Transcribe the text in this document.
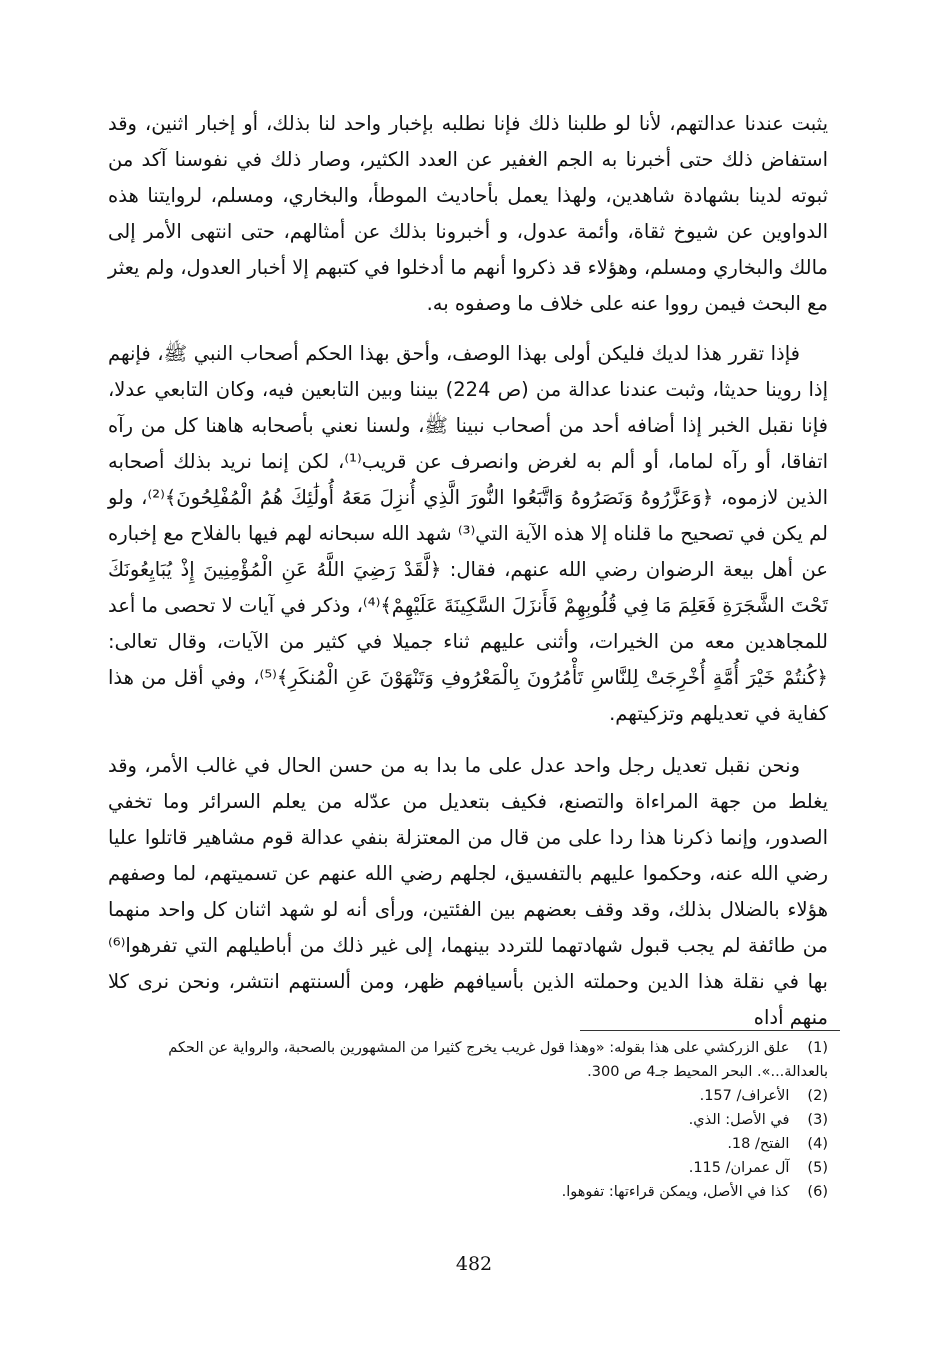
يثبت عندنا عدالتهم، لأنا لو طلبنا ذلك فإنا نطلبه بإخبار واحد لنا بذلك، أو إخبار اثنين، وقد استفاض ذلك حتى أخبرنا به الجم الغفير عن العدد الكثير، وصار ذلك في نفوسنا آكد من ثبوته لدينا بشهادة شاهدين، ولهذا يعمل بأحاديث الموطأ، والبخاري، ومسلم، لروايتنا هذه الدواوين عن شيوخ ثقاة، وأئمة عدول، و أخبرونا بذلك عن أمثالهم، حتى انتهى الأمر إلى مالك والبخاري ومسلم، وهؤلاء قد ذكروا أنهم ما أدخلوا في كتبهم إلا أخبار العدول، ولم يعثر مع البحث فيمن رووا عنه على خلاف ما وصفوه به.

فإذا تقرر هذا لديك فليكن أولى بهذا الوصف، وأحق بهذا الحكم أصحاب النبي ﷺ، فإنهم إذا روينا حديثا، وثبت عندنا عدالة من (ص 224) بيننا وبين التابعين فيه، وكان التابعي عدلا، فإنا نقبل الخبر إذا أضافه أحد من أصحاب نبينا ﷺ، ولسنا نعني بأصحابه هاهنا كل من رآه اتفاقا، أو رآه لماما، أو ألم به لغرض وانصرف عن قريب⁽¹⁾، لكن إنما نريد بذلك أصحابه الذين لازموه، ﴿وَعَزَّرُوهُ وَنَصَرُوهُ وَاتَّبَعُوا النُّورَ الَّذِي أُنزِلَ مَعَهُ أُولَٰئِكَ هُمُ الْمُفْلِحُونَ﴾⁽²⁾، ولو لم يكن في تصحيح ما قلناه إلا هذه الآية التي⁽³⁾ شهد الله سبحانه لهم فيها بالفلاح مع إخباره عن أهل بيعة الرضوان رضي الله عنهم، فقال: ﴿لَّقَدْ رَضِيَ اللَّهُ عَنِ الْمُؤْمِنِينَ إِذْ يُبَايِعُونَكَ تَحْتَ الشَّجَرَةِ فَعَلِمَ مَا فِي قُلُوبِهِمْ فَأَنزَلَ السَّكِينَةَ عَلَيْهِمْ﴾⁽⁴⁾، وذكر في آيات لا تحصى ما أعد للمجاهدين معه من الخيرات، وأثنى عليهم ثناء جميلا في كثير من الآيات، وقال تعالى: ﴿كُنتُمْ خَيْرَ أُمَّةٍ أُخْرِجَتْ لِلنَّاسِ تَأْمُرُونَ بِالْمَعْرُوفِ وَتَنْهَوْنَ عَنِ الْمُنكَرِ﴾⁽⁵⁾، وفي أقل من هذا كفاية في تعديلهم وتزكيتهم.

ونحن نقبل تعديل رجل واحد عدل على ما بدا به من حسن الحال في غالب الأمر، وقد يغلط من جهة المراءاة والتصنع، فكيف بتعديل من عدّله من يعلم السرائر وما تخفي الصدور، وإنما ذكرنا هذا ردا على من قال من المعتزلة بنفي عدالة قوم مشاهير قاتلوا عليا رضي الله عنه، وحكموا عليهم بالتفسيق، لجلهم رضي الله عنهم عن تسميتهم، لما وصفهم هؤلاء بالضلال بذلك، وقد وقف بعضهم بين الفئتين، ورأى أنه لو شهد اثنان كل واحد منهما من طائفة لم يجب قبول شهادتهما للتردد بينهما، إلى غير ذلك من أباطيلهم التي تفرهوا⁽⁶⁾ بها في نقلة هذا الدين وحملته الذين بأسيافهم ظهر، ومن ألسنتهم انتشر، ونحن نرى كلا منهم أداه

(1) علق الزركشي على هذا بقوله: «وهذا قول غريب يخرج كثيرا من المشهورين بالصحبة، والرواية عن الحكم بالعدالة...». البحر المحيط جـ4 ص 300.

(2) الأعراف/ 157.

(3) في الأصل: الذي.

(4) الفتح/ 18.

(5) آل عمران/ 115.

(6) كذا في الأصل، ويمكن قراءتها: تفوهوا.

482
